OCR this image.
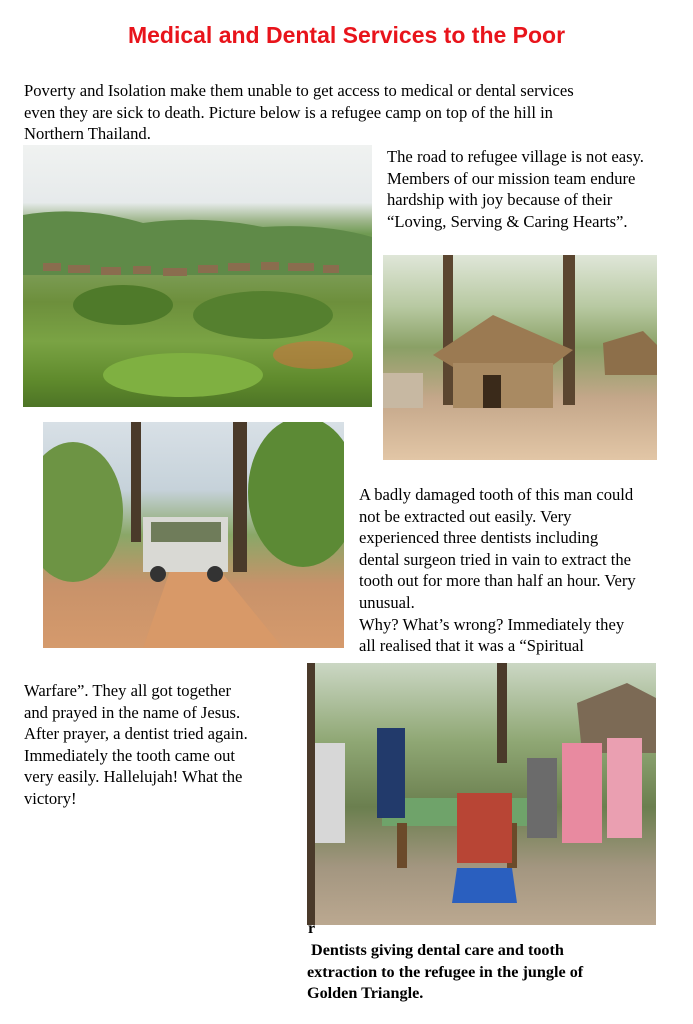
Medical and Dental Services to the Poor

Poverty and Isolation make them unable to get access to medical or dental services

even they are sick to death. Picture below is a refugee camp on top of the hill in

Northern Thailand.

The road to refugee village is not easy.

Members of our mission team endure

hardship with joy because of their

“Loving, Serving & Caring Hearts”.

A badly damaged tooth of this man could

not be extracted out easily. Very

experienced three dentists including

dental surgeon tried in vain to extract the

tooth out for more than half an hour. Very

unusual.

Why? What’s wrong? Immediately they

all realised that it was a “Spiritual

Warfare”. They all got together

and prayed in the name of Jesus.

After prayer, a dentist tried again.

Immediately the tooth came out

very easily. Hallelujah! What the

victory!

r
Dentists giving dental care and tooth
extraction to the refugee in the jungle of
Golden Triangle.
